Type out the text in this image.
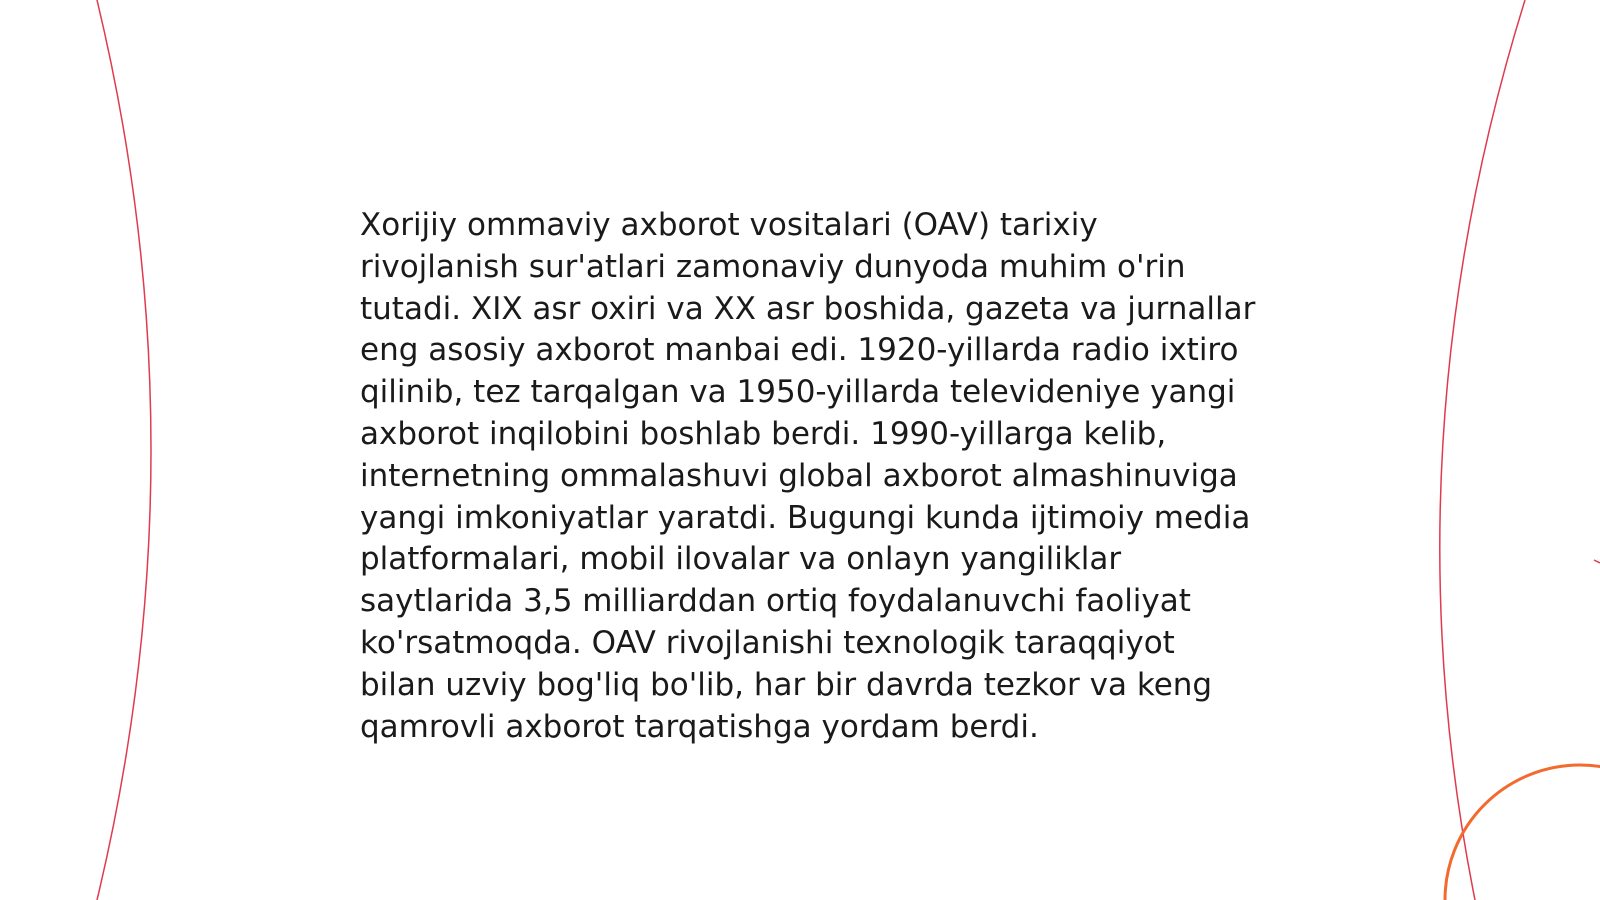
Xorijiy ommaviy axborot vositalari (OAV) tarixiy rivojlanish sur'atlari zamonaviy dunyoda muhim o'rin tutadi. XIX asr oxiri va XX asr boshida, gazeta va jurnallar eng asosiy axborot manbai edi. 1920-yillarda radio ixtiro qilinib, tez tarqalgan va 1950-yillarda televideniye yangi axborot inqilobini boshlab berdi. 1990-yillarga kelib, internetning ommalashuvi global axborot almashinuviga yangi imkoniyatlar yaratdi. Bugungi kunda ijtimoiy media platformalari, mobil ilovalar va onlayn yangiliklar saytlarida 3,5 milliarddan ortiq foydalanuvchi faoliyat ko'rsatmoqda. OAV rivojlanishi texnologik taraqqiyot bilan uzviy bog'liq bo'lib, har bir davrda tezkor va keng qamrovli axborot tarqatishga yordam berdi.
